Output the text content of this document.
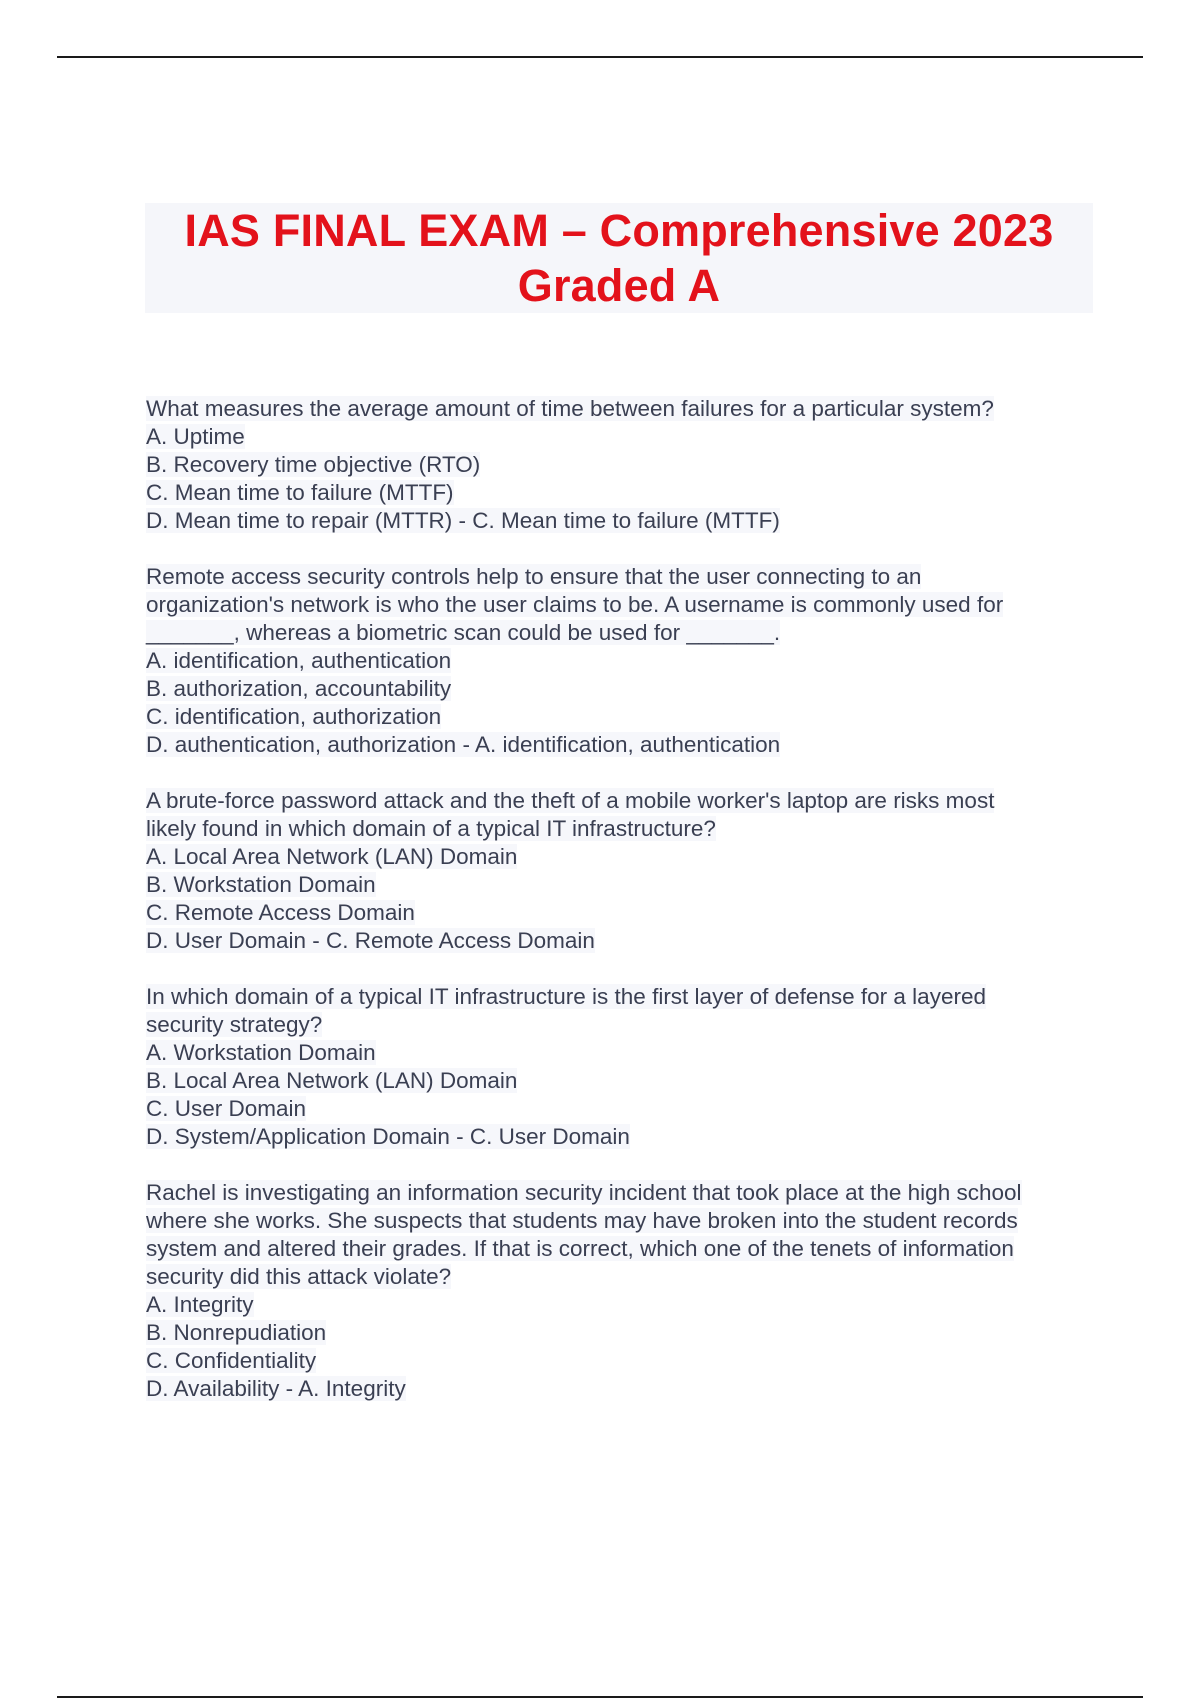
IAS FINAL EXAM – Comprehensive 2023
Graded A
What measures the average amount of time between failures for a particular system?
A. Uptime
B. Recovery time objective (RTO)
C. Mean time to failure (MTTF)
D. Mean time to repair (MTTR) - C. Mean time to failure (MTTF)
Remote access security controls help to ensure that the user connecting to an
organization's network is who the user claims to be. A username is commonly used for
_______, whereas a biometric scan could be used for _______.
A. identification, authentication
B. authorization, accountability
C. identification, authorization
D. authentication, authorization - A. identification, authentication
A brute-force password attack and the theft of a mobile worker's laptop are risks most
likely found in which domain of a typical IT infrastructure?
A. Local Area Network (LAN) Domain
B. Workstation Domain
C. Remote Access Domain
D. User Domain - C. Remote Access Domain
In which domain of a typical IT infrastructure is the first layer of defense for a layered
security strategy?
A. Workstation Domain
B. Local Area Network (LAN) Domain
C. User Domain
D. System/Application Domain - C. User Domain
Rachel is investigating an information security incident that took place at the high school
where she works. She suspects that students may have broken into the student records
system and altered their grades. If that is correct, which one of the tenets of information
security did this attack violate?
A. Integrity
B. Nonrepudiation
C. Confidentiality
D. Availability - A. Integrity
